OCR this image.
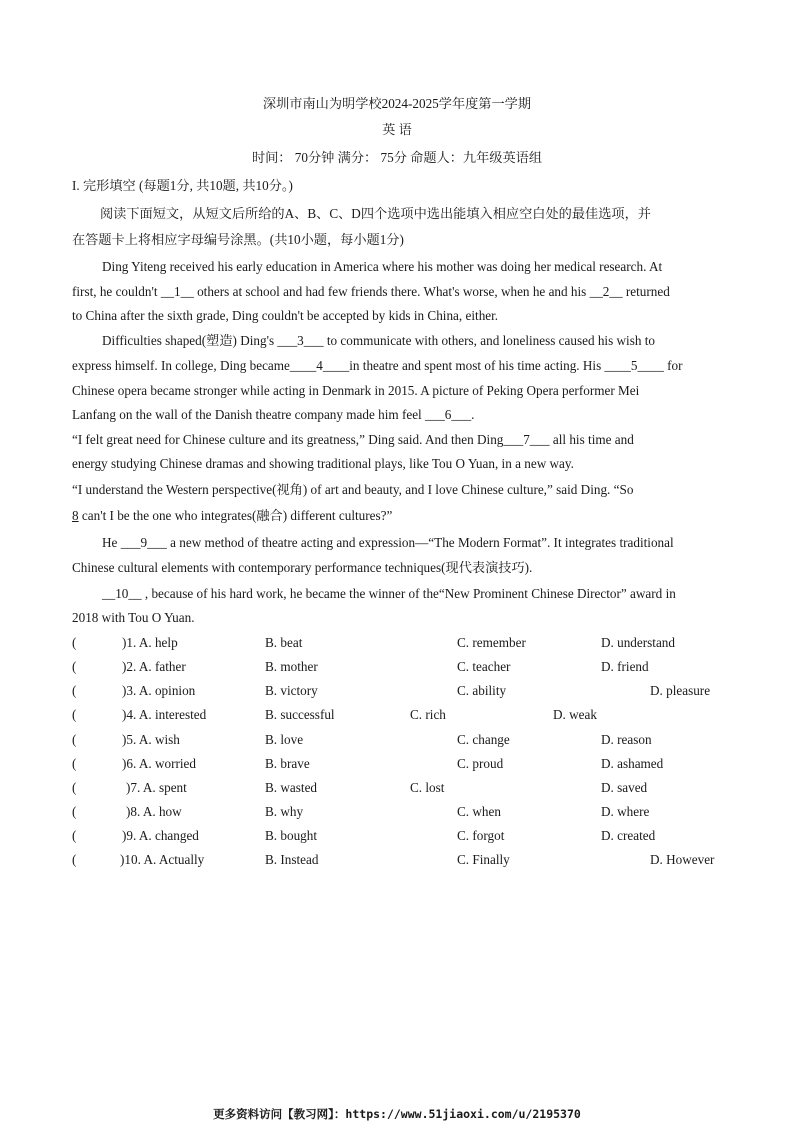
深圳市南山为明学校2024-2025学年度第一学期
英 语
时间： 70分钟 满分： 75分 命题人：九年级英语组
I. 完形填空 (每题1分, 共10题, 共10分。)
阅读下面短文，从短文后所给的A、B、C、D四个选项中选出能填入相应空白处的最佳选项，并
在答题卡上将相应字母编号涂黑。(共10小题，每小题1分)
Ding Yiteng received his early education in America where his mother was doing her medical research. At
first, he couldn't __1__ others at school and had few friends there. What's worse, when he and his __2__ returned
to China after the sixth grade, Ding couldn't be accepted by kids in China, either.
Difficulties shaped(塑造) Ding's ___3___ to communicate with others, and loneliness caused his wish to
express himself. In college, Ding became____4____in theatre and spent most of his time acting. His ____5____ for
Chinese opera became stronger while acting in Denmark in 2015. A picture of Peking Opera performer Mei
Lanfang on the wall of the Danish theatre company made him feel ___6___.
“I felt great need for Chinese culture and its greatness,” Ding said. And then Ding___7___ all his time and
energy studying Chinese dramas and showing traditional plays, like Tou O Yuan, in a new way.
“I understand the Western perspective(视角) of art and beauty, and I love Chinese culture,” said Ding. “So
8 can't I be the one who integrates(融合) different cultures?”
He ___9___ a new method of theatre acting and expression—“The Modern Format”. It integrates traditional
Chinese cultural elements with contemporary performance techniques(现代表演技巧).
__10__ , because of his hard work, he became the winner of the“New Prominent Chinese Director” award in
2018 with Tou O Yuan.
(	)1. A. help	B. beat	C. remember	D. understand
(	)2. A. father	B. mother	C. teacher	D. friend
(	)3. A. opinion	B. victory	C. ability	D. pleasure
(	)4. A. interested	B. successful	C. rich	D. weak
(	)5. A. wish	B. love	C. change	D. reason
(	)6. A. worried	B. brave	C. proud	D. ashamed
(	)7. A. spent	B. wasted	C. lost	D. saved
(	)8. A. how	B. why	C. when	D. where
(	)9. A. changed	B. bought	C. forgot	D. created
(	)10. A. Actually	B. Instead	C. Finally	D. However
更多资料访问【教习网】：https://www.51jiaoxi.com/u/2195370
